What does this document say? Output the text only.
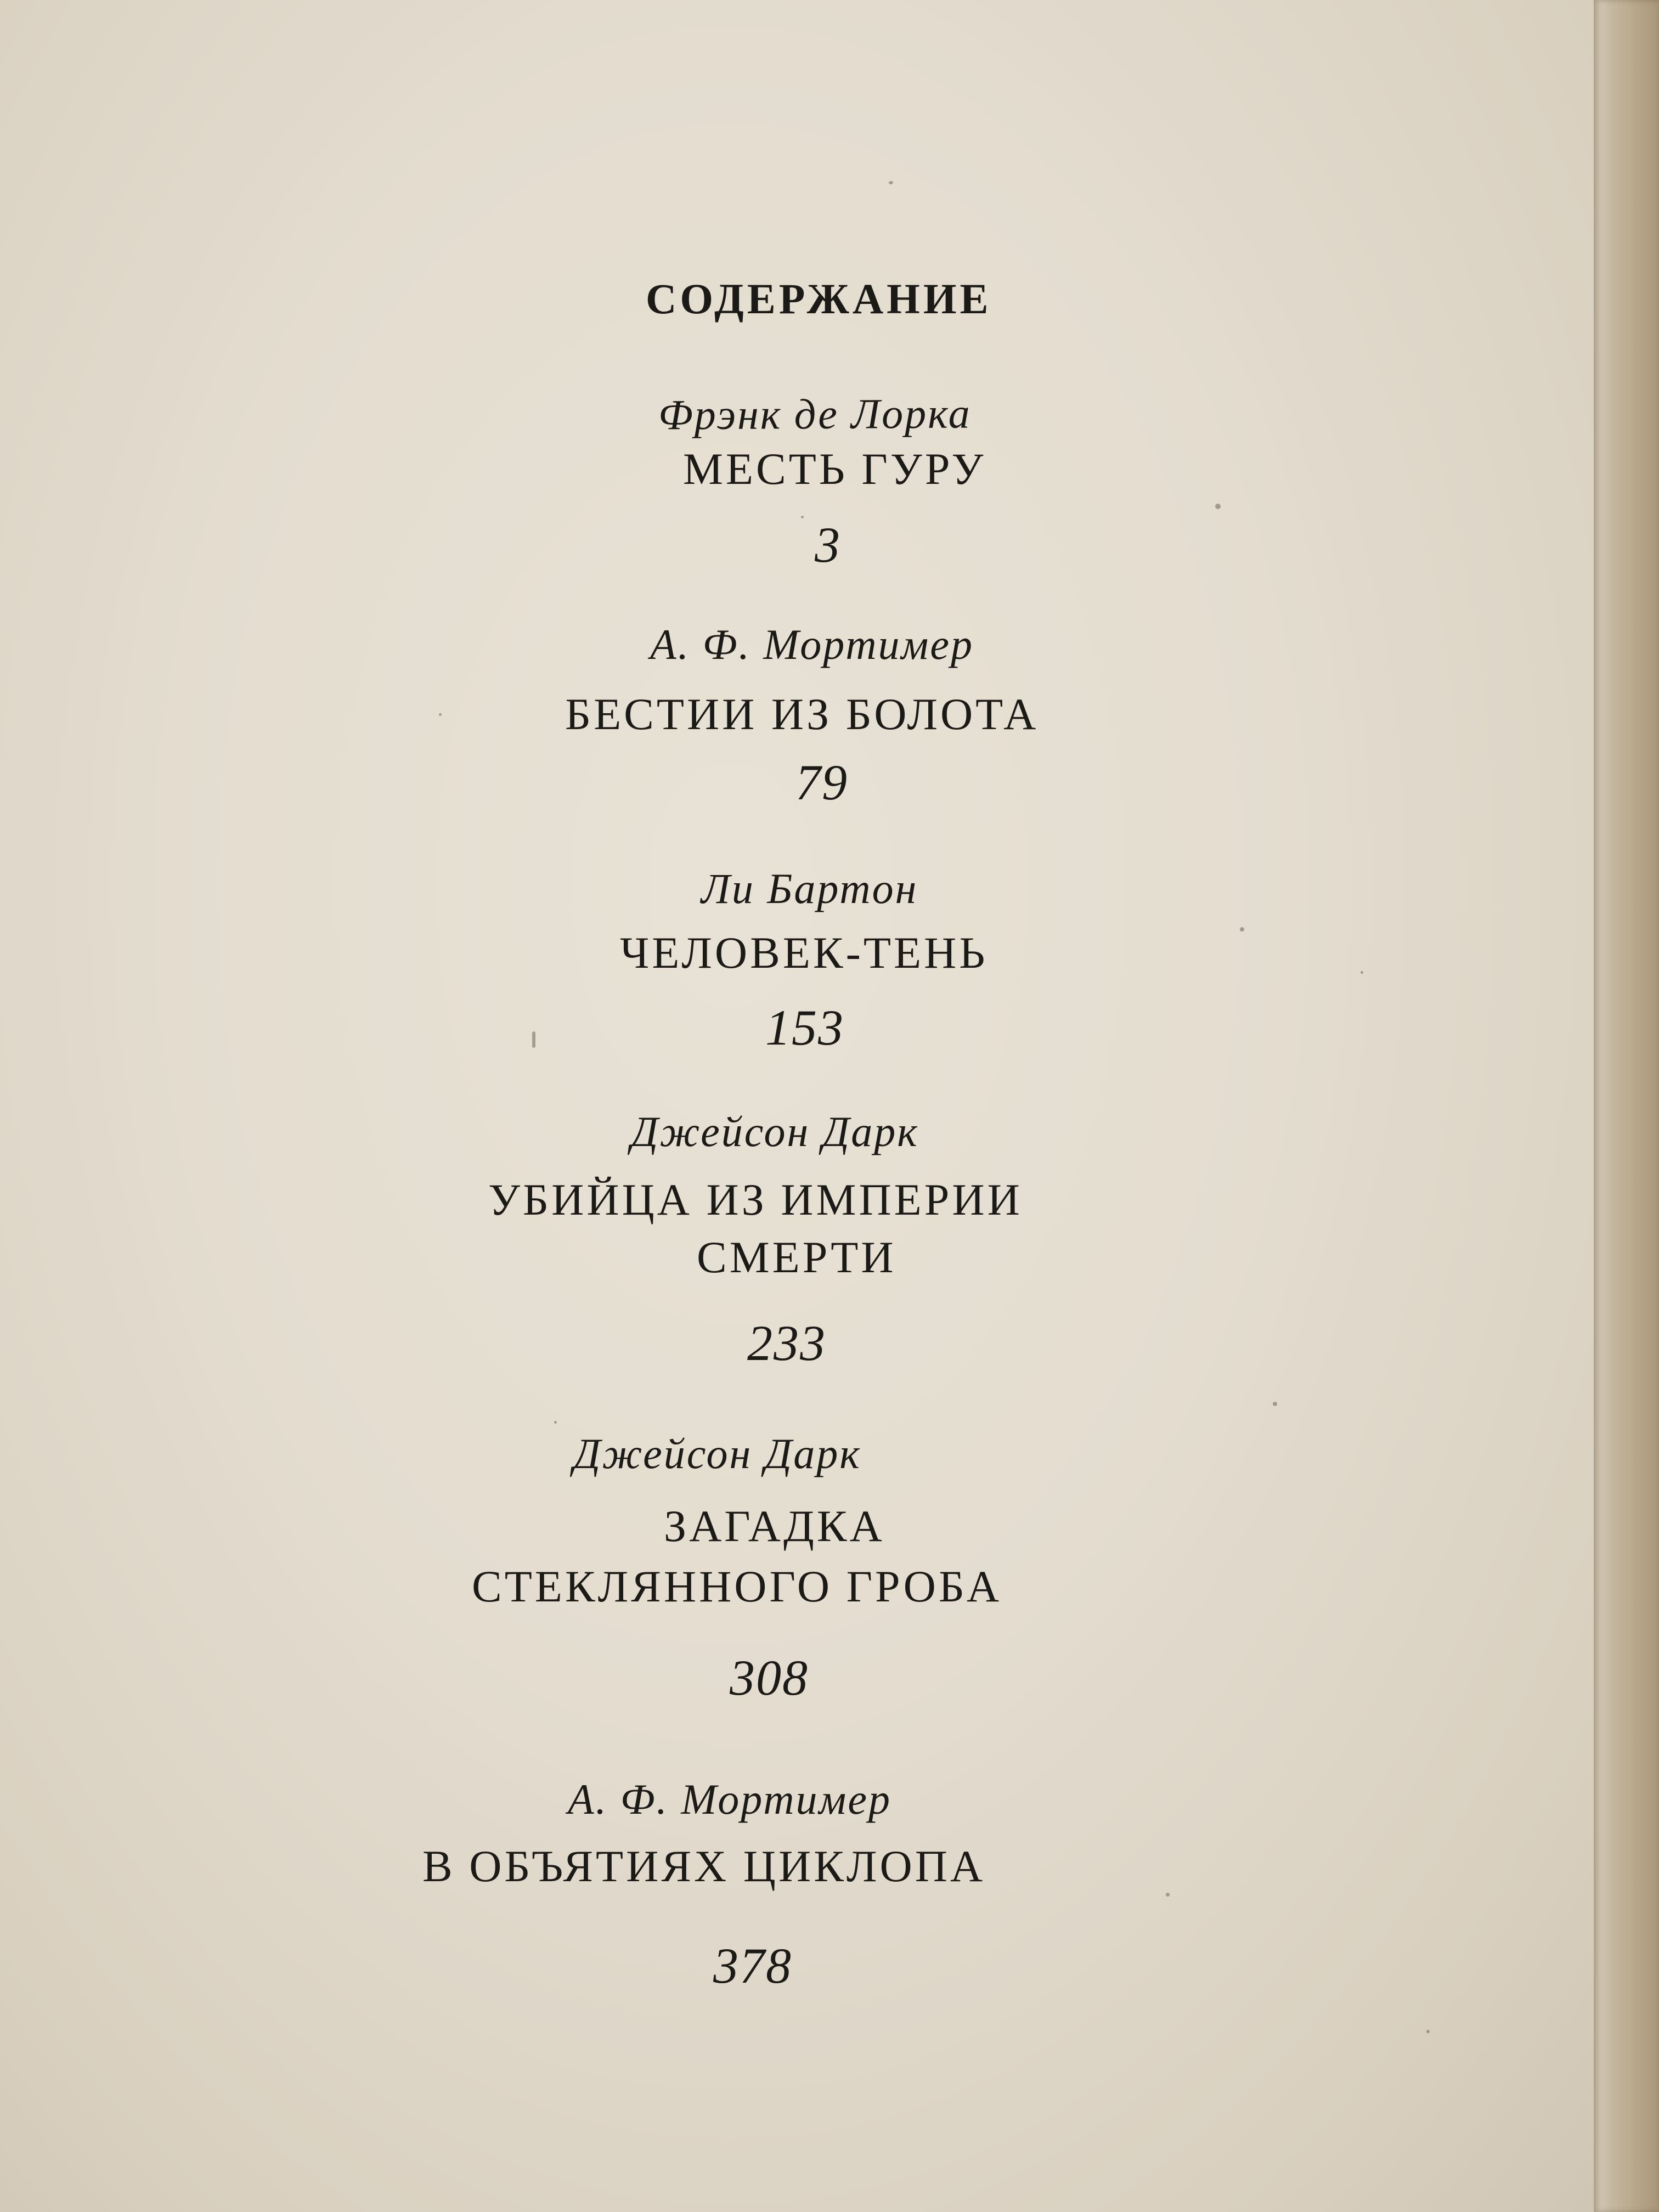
СОДЕРЖАНИЕ
Фрэнк де Лорка
МЕСТЬ ГУРУ
3
А. Ф. Мортимер
БЕСТИИ ИЗ БОЛОТА
79
Ли Бартон
ЧЕЛОВЕК-ТЕНЬ
153
Джейсон Дарк
УБИЙЦА ИЗ ИМПЕРИИ
СМЕРТИ
233
Джейсон Дарк
ЗАГАДКА
СТЕКЛЯННОГО ГРОБА
308
А. Ф. Мортимер
В ОБЪЯТИЯХ ЦИКЛОПА
378
